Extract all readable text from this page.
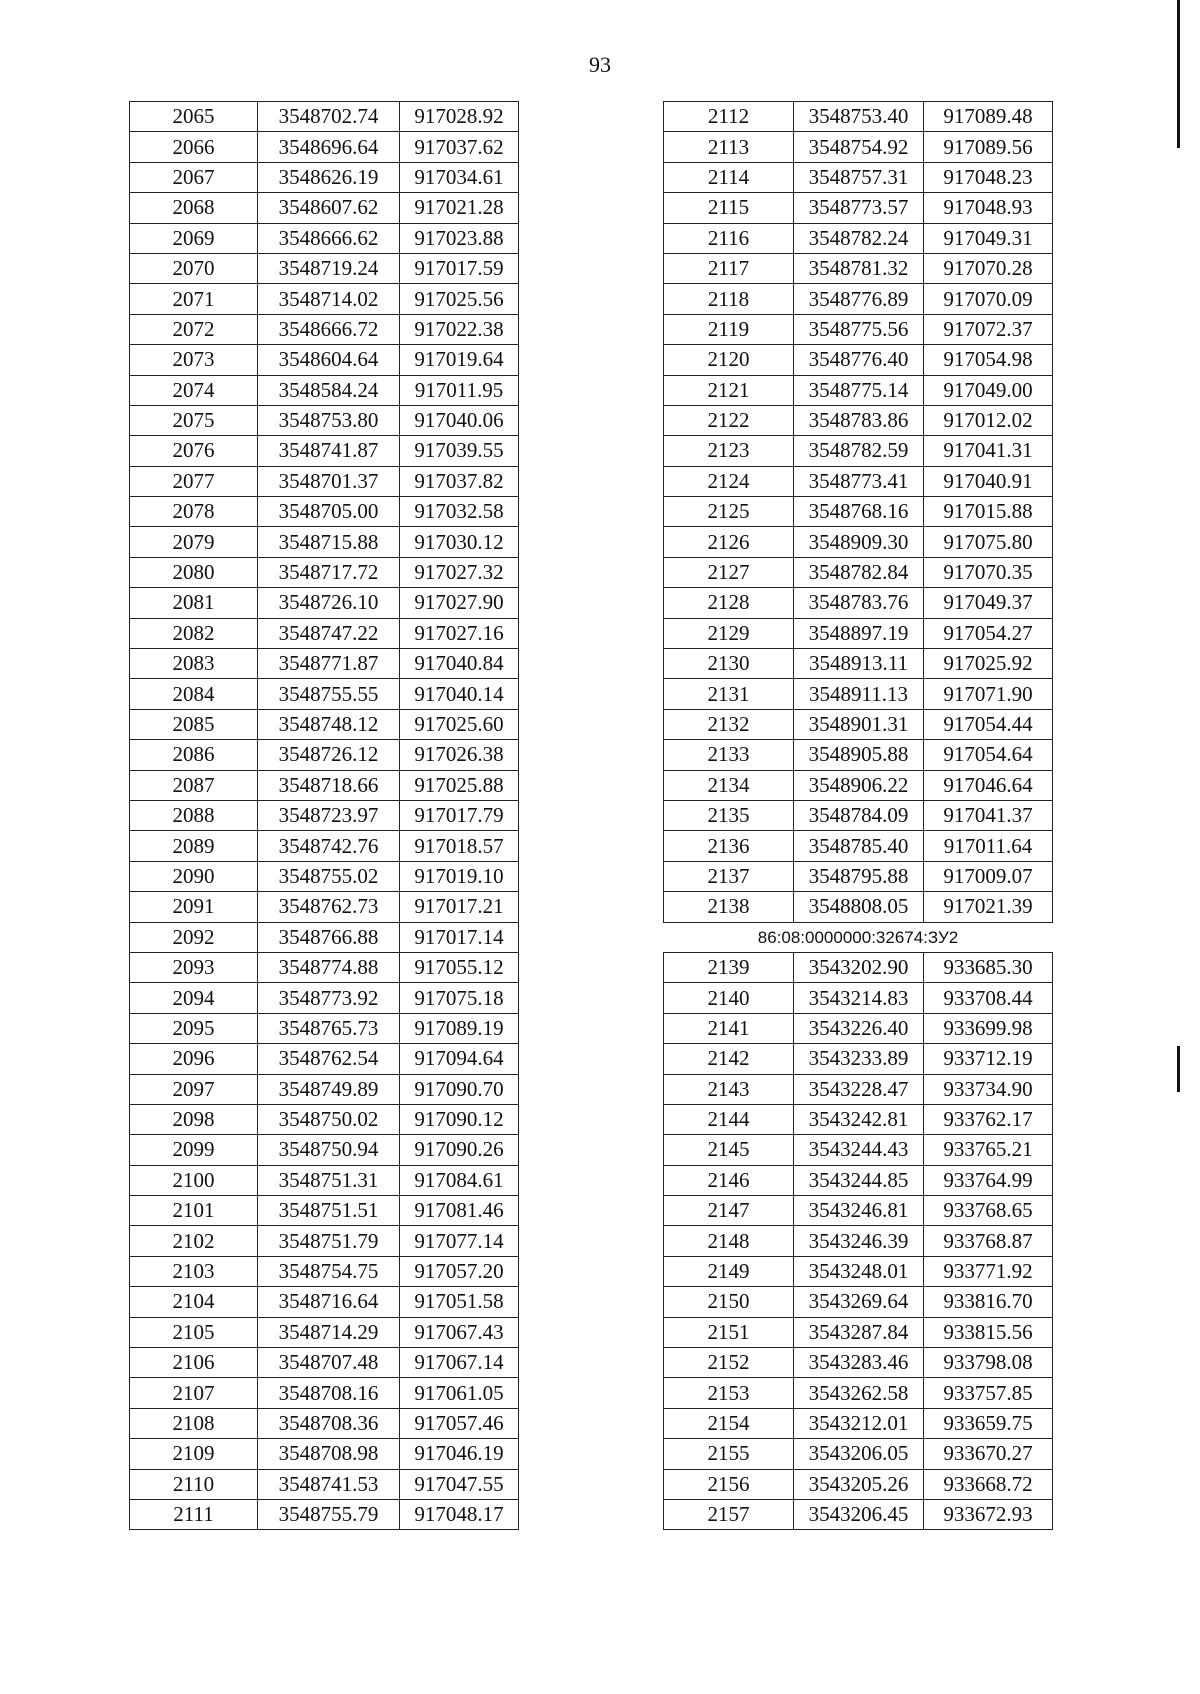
93
2065	3548702.74	917028.92
2066	3548696.64	917037.62
2067	3548626.19	917034.61
2068	3548607.62	917021.28
2069	3548666.62	917023.88
2070	3548719.24	917017.59
2071	3548714.02	917025.56
2072	3548666.72	917022.38
2073	3548604.64	917019.64
2074	3548584.24	917011.95
2075	3548753.80	917040.06
2076	3548741.87	917039.55
2077	3548701.37	917037.82
2078	3548705.00	917032.58
2079	3548715.88	917030.12
2080	3548717.72	917027.32
2081	3548726.10	917027.90
2082	3548747.22	917027.16
2083	3548771.87	917040.84
2084	3548755.55	917040.14
2085	3548748.12	917025.60
2086	3548726.12	917026.38
2087	3548718.66	917025.88
2088	3548723.97	917017.79
2089	3548742.76	917018.57
2090	3548755.02	917019.10
2091	3548762.73	917017.21
2092	3548766.88	917017.14
2093	3548774.88	917055.12
2094	3548773.92	917075.18
2095	3548765.73	917089.19
2096	3548762.54	917094.64
2097	3548749.89	917090.70
2098	3548750.02	917090.12
2099	3548750.94	917090.26
2100	3548751.31	917084.61
2101	3548751.51	917081.46
2102	3548751.79	917077.14
2103	3548754.75	917057.20
2104	3548716.64	917051.58
2105	3548714.29	917067.43
2106	3548707.48	917067.14
2107	3548708.16	917061.05
2108	3548708.36	917057.46
2109	3548708.98	917046.19
2110	3548741.53	917047.55
2111	3548755.79	917048.17
2112	3548753.40	917089.48
2113	3548754.92	917089.56
2114	3548757.31	917048.23
2115	3548773.57	917048.93
2116	3548782.24	917049.31
2117	3548781.32	917070.28
2118	3548776.89	917070.09
2119	3548775.56	917072.37
2120	3548776.40	917054.98
2121	3548775.14	917049.00
2122	3548783.86	917012.02
2123	3548782.59	917041.31
2124	3548773.41	917040.91
2125	3548768.16	917015.88
2126	3548909.30	917075.80
2127	3548782.84	917070.35
2128	3548783.76	917049.37
2129	3548897.19	917054.27
2130	3548913.11	917025.92
2131	3548911.13	917071.90
2132	3548901.31	917054.44
2133	3548905.88	917054.64
2134	3548906.22	917046.64
2135	3548784.09	917041.37
2136	3548785.40	917011.64
2137	3548795.88	917009.07
2138	3548808.05	917021.39
86:08:0000000:32674:ЗУ2		
2139	3543202.90	933685.30
2140	3543214.83	933708.44
2141	3543226.40	933699.98
2142	3543233.89	933712.19
2143	3543228.47	933734.90
2144	3543242.81	933762.17
2145	3543244.43	933765.21
2146	3543244.85	933764.99
2147	3543246.81	933768.65
2148	3543246.39	933768.87
2149	3543248.01	933771.92
2150	3543269.64	933816.70
2151	3543287.84	933815.56
2152	3543283.46	933798.08
2153	3543262.58	933757.85
2154	3543212.01	933659.75
2155	3543206.05	933670.27
2156	3543205.26	933668.72
2157	3543206.45	933672.93
